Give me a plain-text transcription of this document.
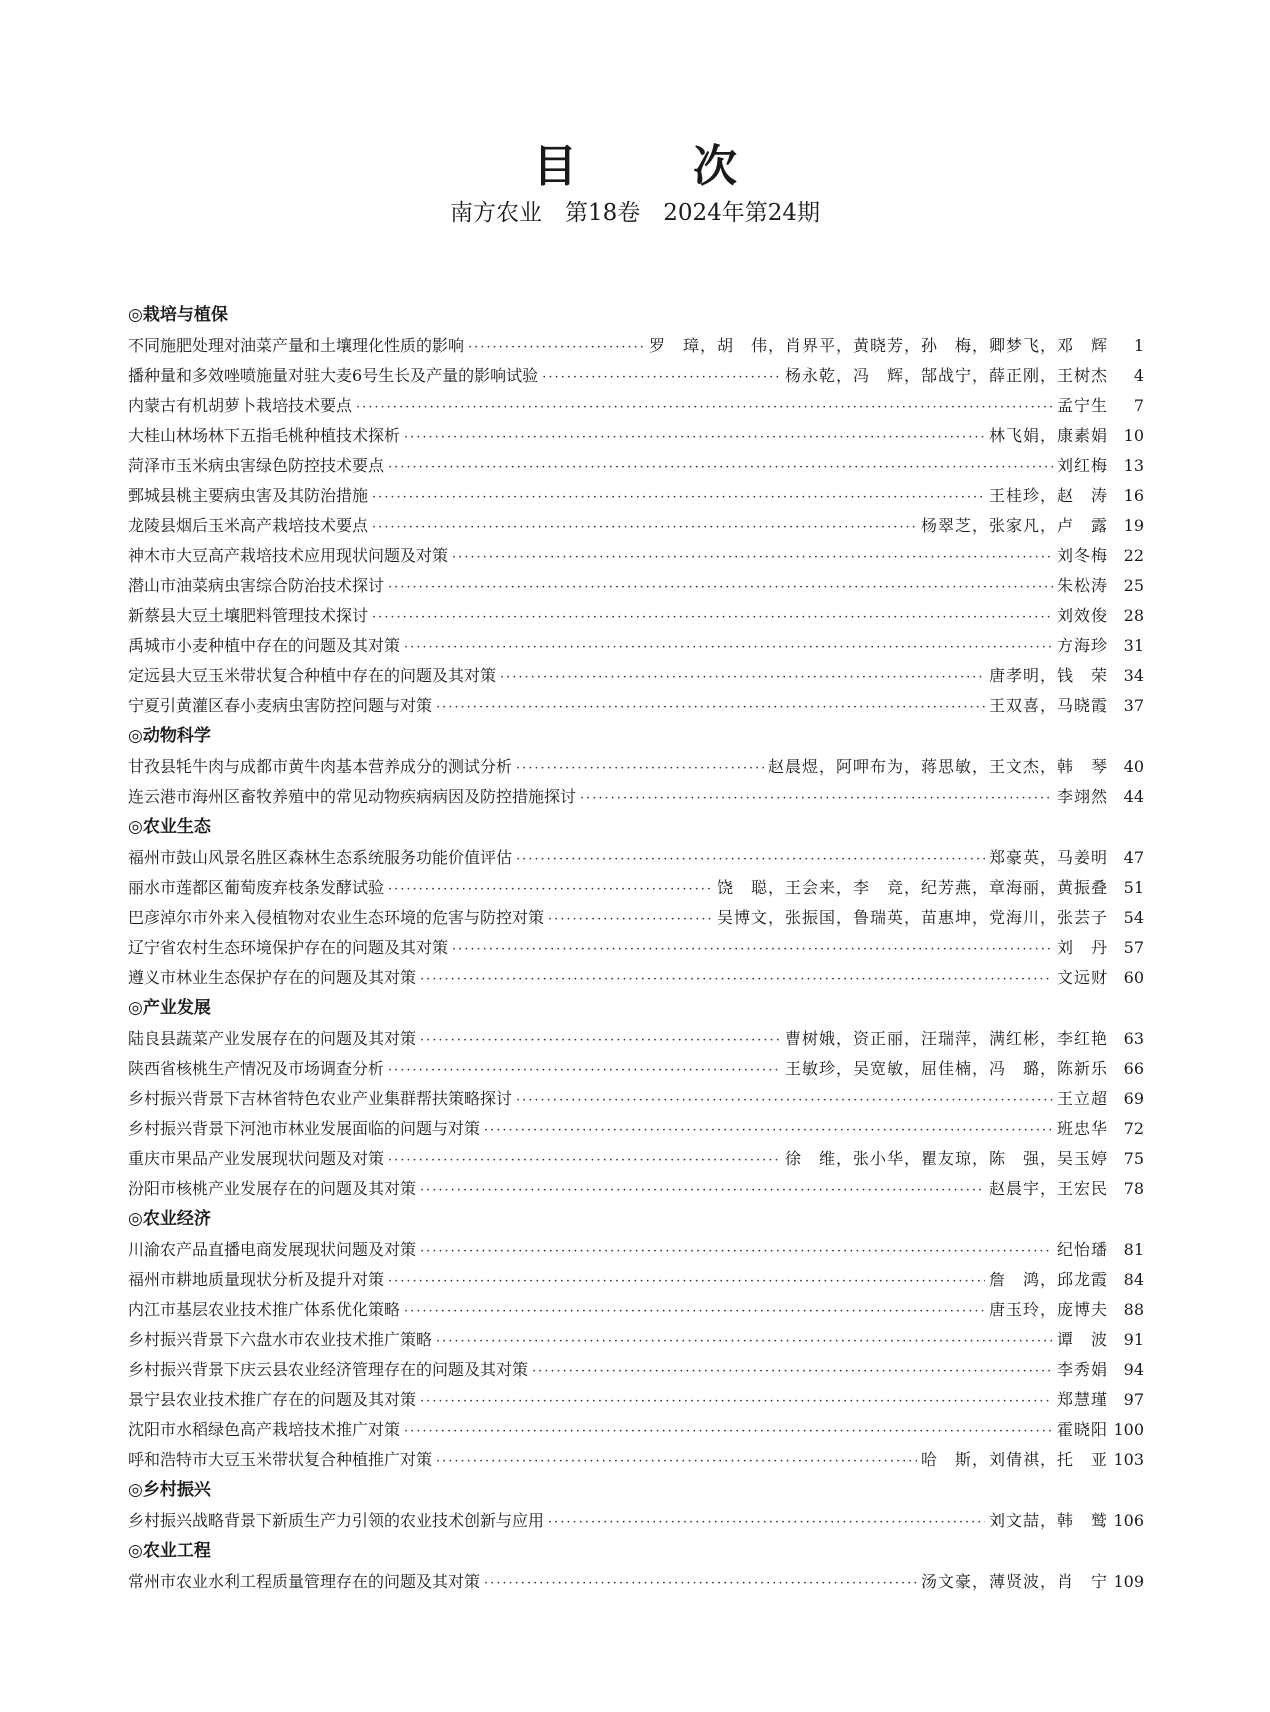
目　次
南方农业　第18卷　2024年第24期
◎栽培与植保
不同施肥处理对油菜产量和土壤理化性质的影响 ·····	罗　璋，胡　伟，肖界平，黄晓芳，孙　梅，卿梦飞，邓　辉	1
播种量和多效唑喷施量对驻大麦6号生长及产量的影响试验 ·····	杨永乾，冯　辉，郜战宁，薛正刚，王树杰	4
内蒙古有机胡萝卜栽培技术要点 ·····	孟宁生	7
大桂山林场林下五指毛桃种植技术探析 ·····	林飞娟，康素娟 10
菏泽市玉米病虫害绿色防控技术要点 ·····	刘红梅 13
鄄城县桃主要病虫害及其防治措施 ·····	王桂珍，赵　涛 16
龙陵县烟后玉米高产栽培技术要点 ·····	杨翠芝，张家凡，卢　露 19
神木市大豆高产栽培技术应用现状问题及对策 ·····	刘冬梅 22
潜山市油菜病虫害综合防治技术探讨 ·····	朱松涛 25
新蔡县大豆土壤肥料管理技术探讨 ·····	刘效俊 28
禹城市小麦种植中存在的问题及其对策 ·····	方海珍 31
定远县大豆玉米带状复合种植中存在的问题及其对策 ·····	唐孝明，钱　荣 34
宁夏引黄灌区春小麦病虫害防控问题与对策 ·····	王双喜，马晓霞 37
◎动物科学
甘孜县牦牛肉与成都市黄牛肉基本营养成分的测试分析 ·····	赵晨煜，阿呷布为，蒋思敏，王文杰，韩　琴 40
连云港市海州区畜牧养殖中的常见动物疾病病因及防控措施探讨 ·····	李翊然 44
◎农业生态
福州市鼓山风景名胜区森林生态系统服务功能价值评估 ·····	郑豪英，马姜明 47
丽水市莲都区葡萄废弃枝条发酵试验 ·····	饶　聪，王会来，李　竞，纪芳燕，章海丽，黄振叠 51
巴彦淖尔市外来入侵植物对农业生态环境的危害与防控对策 ·····	吴博文，张振国，鲁瑞英，苗惠坤，党海川，张芸子 54
辽宁省农村生态环境保护存在的问题及其对策 ·····	刘　丹 57
遵义市林业生态保护存在的问题及其对策 ·····	文远财 60
◎产业发展
陆良县蔬菜产业发展存在的问题及其对策 ·····	曹树娥，资正丽，汪瑞萍，满红彬，李红艳 63
陕西省核桃生产情况及市场调查分析 ·····	王敏珍，吴宽敏，屈佳楠，冯　璐，陈新乐 66
乡村振兴背景下吉林省特色农业产业集群帮扶策略探讨 ·····	王立超 69
乡村振兴背景下河池市林业发展面临的问题与对策 ·····	班忠华 72
重庆市果品产业发展现状问题及对策 ·····	徐　维，张小华，瞿友琼，陈　强，吴玉婷 75
汾阳市核桃产业发展存在的问题及其对策 ·····	赵晨宇，王宏民 78
◎农业经济
川渝农产品直播电商发展现状问题及对策 ·····	纪怡璠 81
福州市耕地质量现状分析及提升对策 ·····	詹　鸿，邱龙霞 84
内江市基层农业技术推广体系优化策略 ·····	唐玉玲，庞博夫 88
乡村振兴背景下六盘水市农业技术推广策略 ·····	谭　波 91
乡村振兴背景下庆云县农业经济管理存在的问题及其对策 ·····	李秀娟 94
景宁县农业技术推广存在的问题及其对策 ·····	郑慧瑾 97
沈阳市水稻绿色高产栽培技术推广对策 ·····	霍晓阳 100
呼和浩特市大豆玉米带状复合种植推广对策 ·····	哈　斯，刘倩祺，托　亚 103
◎乡村振兴
乡村振兴战略背景下新质生产力引领的农业技术创新与应用 ·····	刘文喆，韩　鹫 106
◎农业工程
常州市农业水利工程质量管理存在的问题及其对策 ·····	汤文豪，薄贤波，肖　宁 109
